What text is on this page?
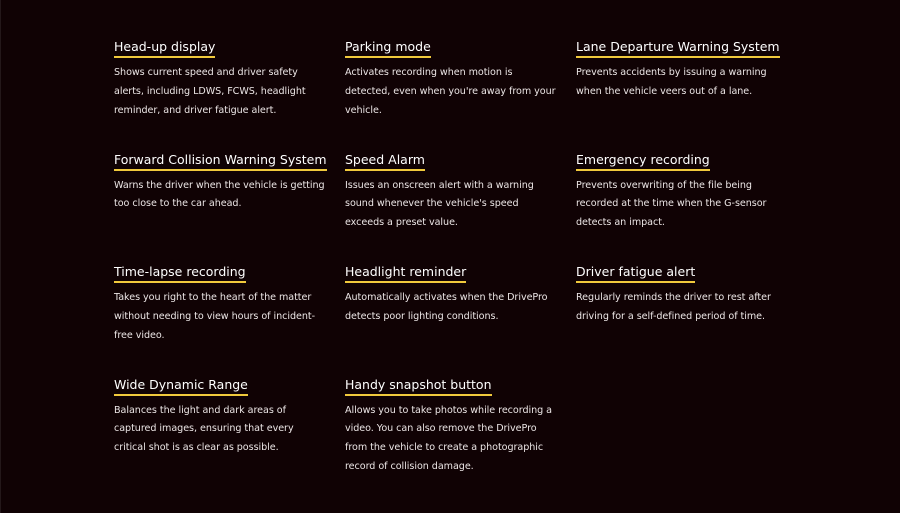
Head-up display
Shows current speed and driver safety alerts, including LDWS, FCWS, headlight reminder, and driver fatigue alert.
Parking mode
Activates recording when motion is detected, even when you're away from your vehicle.
Lane Departure Warning System
Prevents accidents by issuing a warning when the vehicle veers out of a lane.
Forward Collision Warning System
Warns the driver when the vehicle is getting too close to the car ahead.
Speed Alarm
Issues an onscreen alert with a warning sound whenever the vehicle's speed exceeds a preset value.
Emergency recording
Prevents overwriting of the file being recorded at the time when the G-sensor detects an impact.
Time-lapse recording
Takes you right to the heart of the matter without needing to view hours of incident-free video.
Headlight reminder
Automatically activates when the DrivePro detects poor lighting conditions.
Driver fatigue alert
Regularly reminds the driver to rest after driving for a self-defined period of time.
Wide Dynamic Range
Balances the light and dark areas of captured images, ensuring that every critical shot is as clear as possible.
Handy snapshot button
Allows you to take photos while recording a video. You can also remove the DrivePro from the vehicle to create a photographic record of collision damage.
